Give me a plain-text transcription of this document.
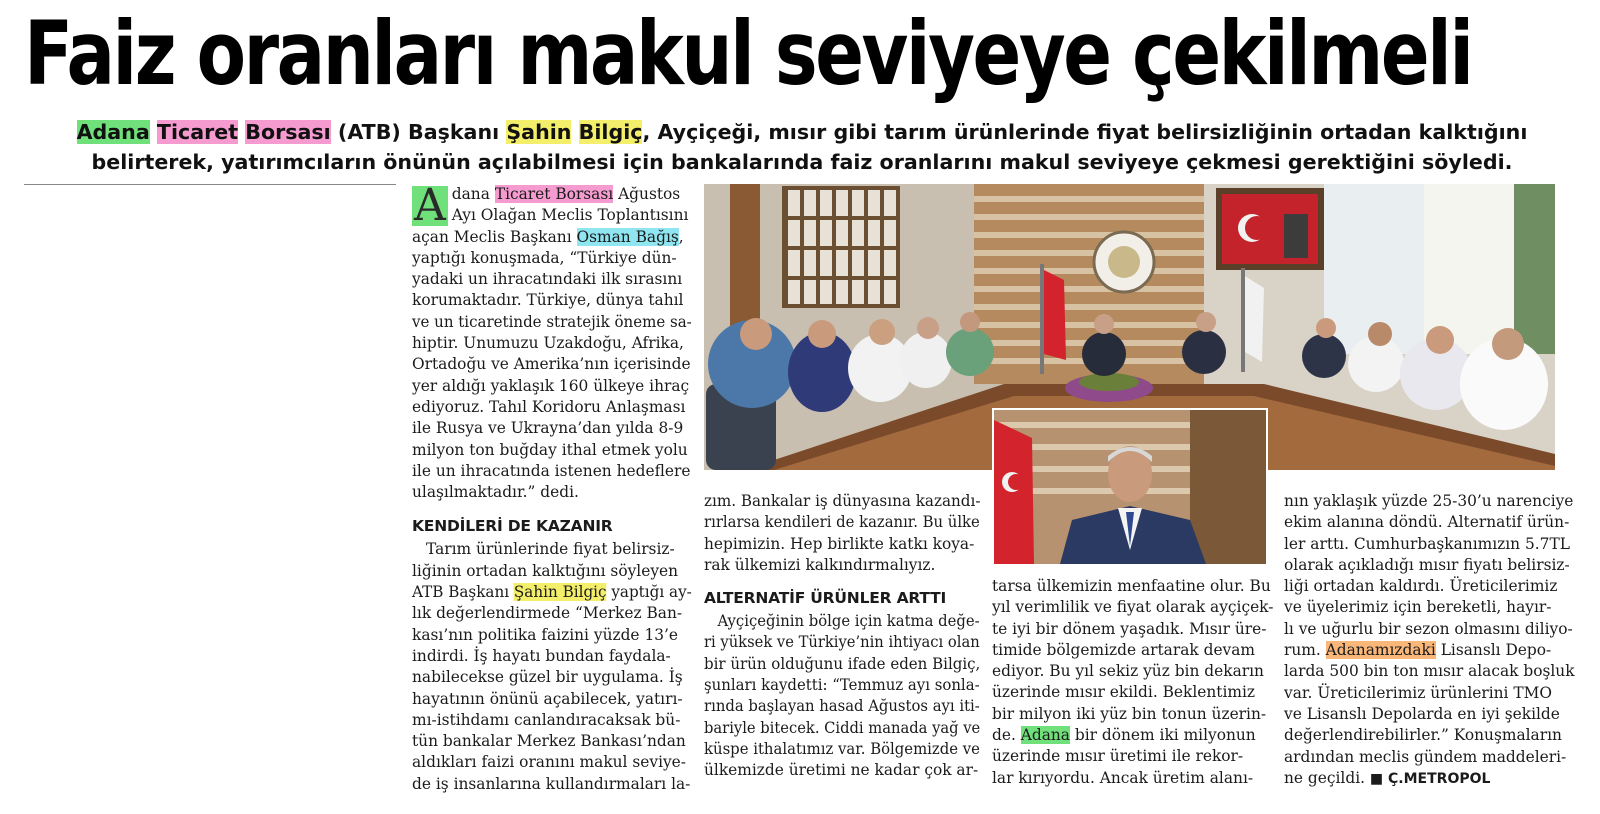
Faiz oranları makul seviyeye çekilmeli
Adana Ticaret Borsası (ATB) Başkanı Şahin Bilgiç, Ayçiçeği, mısır gibi tarım ürünlerinde fiyat belirsizliğinin ortadan kalktığını
belirterek, yatırımcıların önünün açılabilmesi için bankalarında faiz oranlarını makul seviyeye çekmesi gerektiğini söyledi.
A dana Ticaret Borsası Ağustos
Ayı Olağan Meclis Toplantısını
açan Meclis Başkanı Osman Bağış,
yaptığı konuşmada, “Türkiye dün-
yadaki un ihracatındaki ilk sırasını
korumaktadır. Türkiye, dünya tahıl
ve un ticaretinde stratejik öneme sa-
hiptir. Unumuzu Uzakdoğu, Afrika,
Ortadoğu ve Amerika’nın içerisinde
yer aldığı yaklaşık 160 ülkeye ihraç
ediyoruz. Tahıl Koridoru Anlaşması
ile Rusya ve Ukrayna’dan yılda 8-9
milyon ton buğday ithal etmek yolu
ile un ihracatında istenen hedeflere
ulaşılmaktadır.” dedi.
KENDİLERİ DE KAZANIR
Tarım ürünlerinde fiyat belirsiz-
liğinin ortadan kalktığını söyleyen
ATB Başkanı Şahin Bilgiç yaptığı ay-
lık değerlendirmede “Merkez Ban-
kası’nın politika faizini yüzde 13’e
indirdi. İş hayatı bundan faydala-
nabilecekse güzel bir uygulama. İş
hayatının önünü açabilecek, yatırı-
mı-istihdamı canlandıracaksak bü-
tün bankalar Merkez Bankası’ndan
aldıkları faizi oranını makul seviye-
de iş insanlarına kullandırmaları la-
zım. Bankalar iş dünyasına kazandı-
rırlarsa kendileri de kazanır. Bu ülke
hepimizin. Hep birlikte katkı koya-
rak ülkemizi kalkındırmalıyız.
ALTERNATİF ÜRÜNLER ARTTI
Ayçiçeğinin bölge için katma değe-
ri yüksek ve Türkiye’nin ihtiyacı olan
bir ürün olduğunu ifade eden Bilgiç,
şunları kaydetti: “Temmuz ayı sonla-
rında başlayan hasad Ağustos ayı iti-
bariyle bitecek. Ciddi manada yağ ve
küspe ithalatımız var. Bölgemizde ve
ülkemizde üretimi ne kadar çok ar-
tarsa ülkemizin menfaatine olur. Bu
yıl verimlilik ve fiyat olarak ayçiçek-
te iyi bir dönem yaşadık. Mısır üre-
timide bölgemizde artarak devam
ediyor. Bu yıl sekiz yüz bin dekarın
üzerinde mısır ekildi. Beklentimiz
bir milyon iki yüz bin tonun üzerin-
de. Adana bir dönem iki milyonun
üzerinde mısır üretimi ile rekor-
lar kırıyordu. Ancak üretim alanı-
nın yaklaşık yüzde 25-30’u narenciye
ekim alanına döndü. Alternatif ürün-
ler arttı. Cumhurbaşkanımızın 5.7TL
olarak açıkladığı mısır fiyatı belirsiz-
liği ortadan kaldırdı. Üreticilerimiz
ve üyelerimiz için bereketli, hayır-
lı ve uğurlu bir sezon olmasını diliyo-
rum. Adanamızdaki Lisanslı Depo-
larda 500 bin ton mısır alacak boşluk
var. Üreticilerimiz ürünlerini TMO
ve Lisanslı Depolarda en iyi şekilde
değerlendirebilirler.” Konuşmaların
ardından meclis gündem maddeleri-
ne geçildi. ■ Ç.METROPOL
